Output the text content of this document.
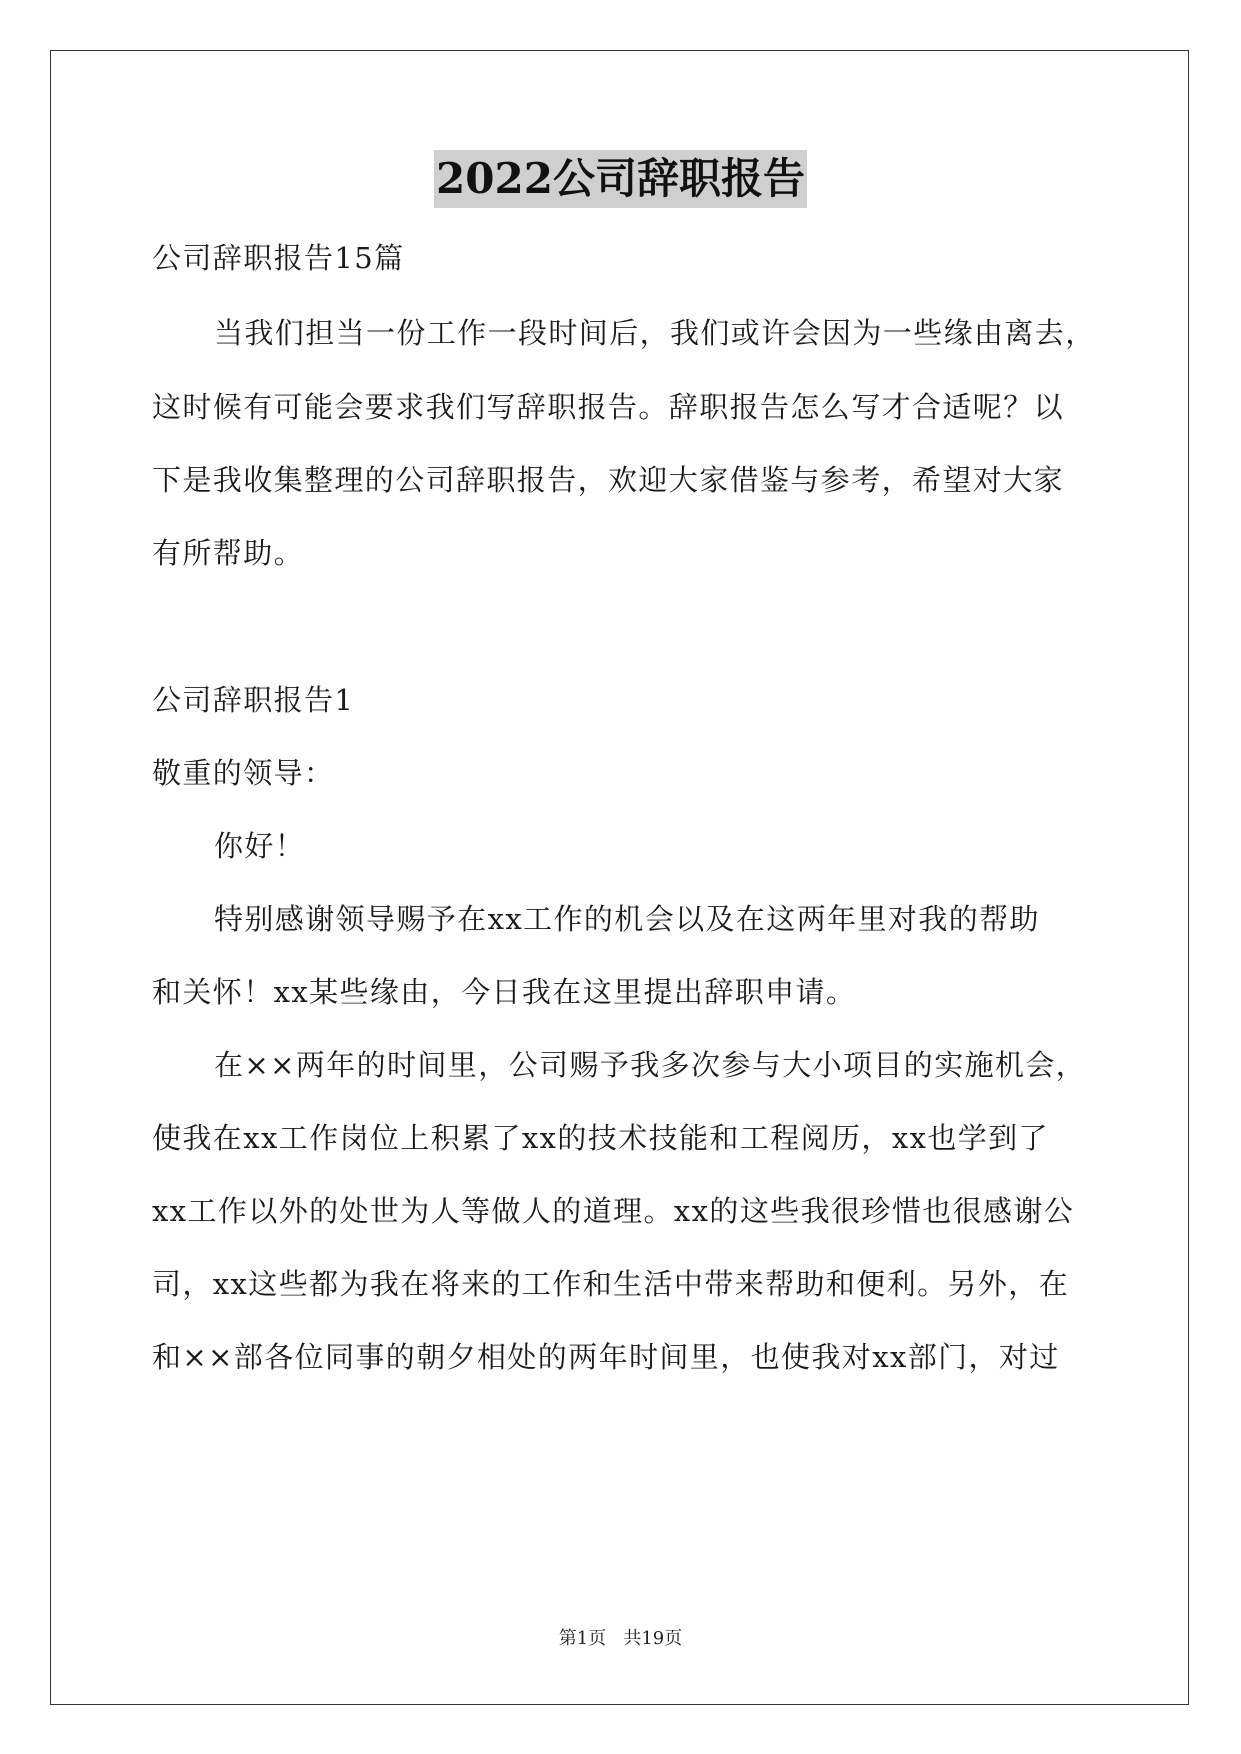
2022公司辞职报告
公司辞职报告15篇
当我们担当一份工作一段时间后，我们或许会因为一些缘由离去，
这时候有可能会要求我们写辞职报告。辞职报告怎么写才合适呢？以
下是我收集整理的公司辞职报告，欢迎大家借鉴与参考，希望对大家
有所帮助。
公司辞职报告1
敬重的领导：
你好！
特别感谢领导赐予在xx工作的机会以及在这两年里对我的帮助
和关怀！xx某些缘由，今日我在这里提出辞职申请。
在××两年的时间里，公司赐予我多次参与大小项目的实施机会，
使我在xx工作岗位上积累了xx的技术技能和工程阅历，xx也学到了
xx工作以外的处世为人等做人的道理。xx的这些我很珍惜也很感谢公
司，xx这些都为我在将来的工作和生活中带来帮助和便利。另外，在
和××部各位同事的朝夕相处的两年时间里，也使我对xx部门，对过
第1页   共19页
